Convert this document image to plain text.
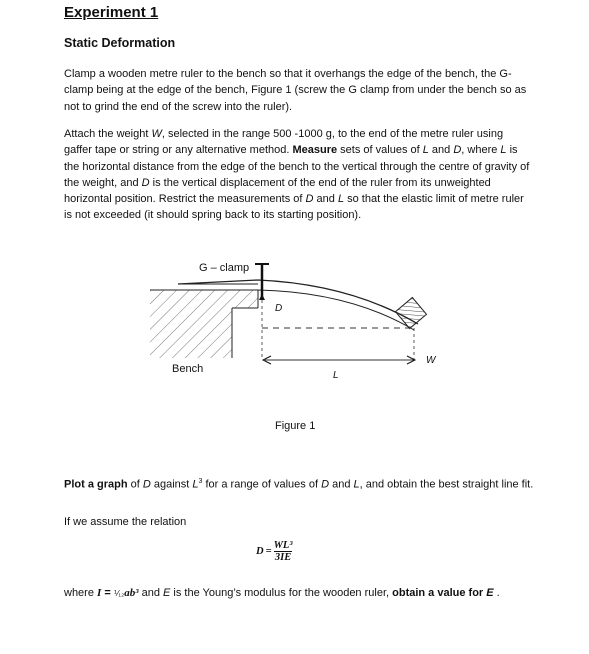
Experiment 1
Static Deformation

Clamp a wooden metre ruler to the bench so that it overhangs the edge of the bench, the G-clamp being at the edge of the bench, Figure 1 (screw the G clamp from under the bench so as not to grind the end of the screw into the ruler).

Attach the weight W, selected in the range 500 -1000 g, to the end of the metre ruler using gaffer tape or string or any alternative method. Measure sets of values of L and D, where L is the horizontal distance from the edge of the bench to the vertical through the centre of gravity of the weight, and D is the vertical displacement of the end of the ruler from its unweighted horizontal position. Restrict the measurements of D and L so that the elastic limit of metre ruler is not exceeded (it should spring back to its starting position).

G – clamp
D
W
L
Bench
Figure 1

Plot a graph of D against $L^3$ for a range of values of D and L, and obtain the best straight line fit.

If we assume the relation
$D = \frac{\text{WL³}}{3IE}$
where I = ⅟₁₂ab³ and E is the Young’s modulus for the wooden ruler, obtain a value for E .
